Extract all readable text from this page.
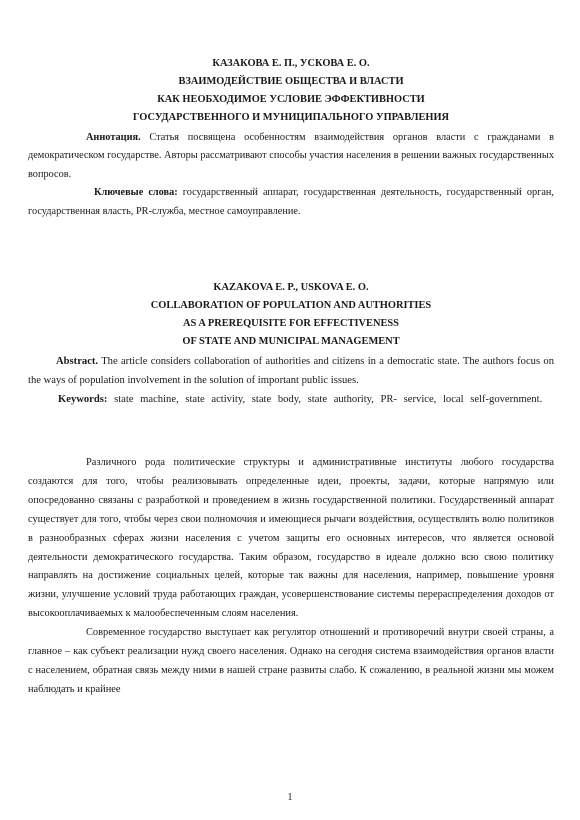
КАЗАКОВА Е. П., УСКОВА Е. О.

ВЗАИМОДЕЙСТВИЕ ОБЩЕСТВА И ВЛАСТИ

КАК НЕОБХОДИМОЕ УСЛОВИЕ ЭФФЕКТИВНОСТИ

ГОСУДАРСТВЕННОГО И МУНИЦИПАЛЬНОГО УПРАВЛЕНИЯ

Аннотация. Статья посвящена особенностям взаимодействия органов власти с гражданами в демократическом государстве. Авторы рассматривают способы участия населения в решении важных государственных вопросов.

Ключевые слова: государственный аппарат, государственная деятельность, государственный орган, государственная власть, PR-служба, местное самоуправление.

KAZAKOVA E. P., USKOVA E. O.

COLLABORATION OF POPULATION AND AUTHORITIES

AS A PREREQUISITE FOR EFFECTIVENESS

OF STATE AND MUNICIPAL MANAGEMENT

Abstract. The article considers collaboration of authorities and citizens in a democratic state. The authors focus on the ways of population involvement in the solution of important public issues.

Keywords: state machine, state activity, state body, state authority, PR- service, local self-government.

Различного рода политические структуры и административные институты любого государства создаются для того, чтобы реализовывать определенные идеи, проекты, задачи, которые напрямую или опосредованно связаны с разработкой и проведением в жизнь государственной политики. Государственный аппарат существует для того, чтобы через свои полномочия и имеющиеся рычаги воздействия, осуществлять волю политиков в разнообразных сферах жизни населения с учетом защиты его основных интересов, что является основой деятельности демократического государства. Таким образом, государство в идеале должно всю свою политику направлять на достижение социальных целей, которые так важны для населения, например, повышение уровня жизни, улучшение условий труда работающих граждан, усовершенствование системы перераспределения доходов от высокооплачиваемых к малообеспеченным слоям населения.

Современное государство выступает как регулятор отношений и противоречий внутри своей страны, а главное – как субъект реализации нужд своего населения. Однако на сегодня система взаимодействия органов власти с населением, обратная связь между ними в нашей стране развиты слабо. К сожалению, в реальной жизни мы можем наблюдать и крайнее

1
